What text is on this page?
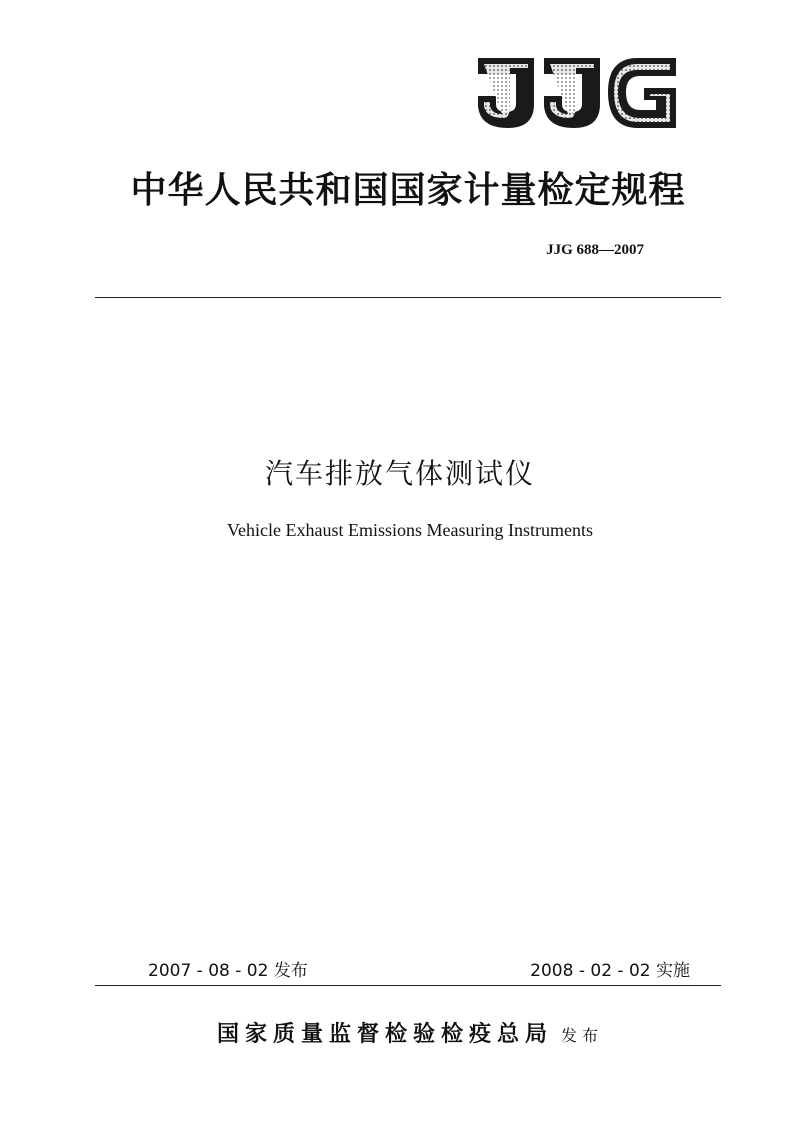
中华人民共和国国家计量检定规程
JJG 688—2007
汽车排放气体测试仪
Vehicle Exhaust Emissions Measuring Instruments
2007 - 08 - 02 发布	2008 - 02 - 02 实施
国家质量监督检验检疫总局 发布
